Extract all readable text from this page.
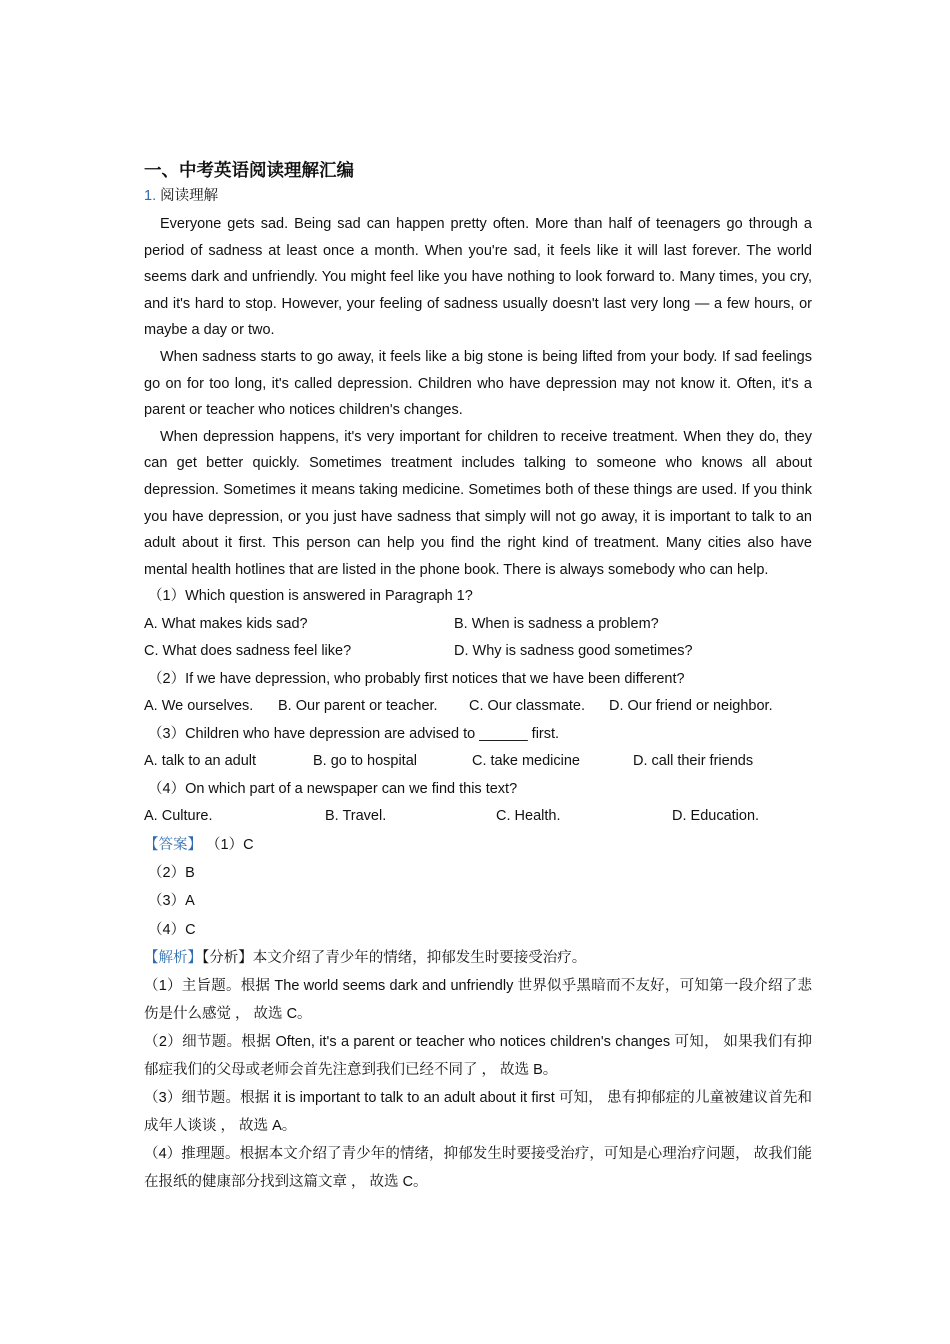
一、中考英语阅读理解汇编

1. 阅读理解

Everyone gets sad. Being sad can happen pretty often. More than half of teenagers go through a period of sadness at least once a month. When you're sad, it feels like it will last forever. The world seems dark and unfriendly. You might feel like you have nothing to look forward to. Many times, you cry, and it's hard to stop. However, your feeling of sadness usually doesn't last very long — a few hours, or maybe a day or two.

When sadness starts to go away, it feels like a big stone is being lifted from your body. If sad feelings go on for too long, it's called depression. Children who have depression may not know it. Often, it's a parent or teacher who notices children's changes.

When depression happens, it's very important for children to receive treatment. When they do, they can get better quickly. Sometimes treatment includes talking to someone who knows all about depression. Sometimes it means taking medicine. Sometimes both of these things are used. If you think you have depression, or you just have sadness that simply will not go away, it is important to talk to an adult about it first. This person can help you find the right kind of treatment. Many cities also have mental health hotlines that are listed in the phone book. There is always somebody who can help.

（1）Which question is answered in Paragraph 1?

A. What makes kids sad?	B. When is sadness a problem?
C. What does sadness feel like?	D. Why is sadness good sometimes?

（2）If we have depression, who probably first notices that we have been different?

A. We ourselves.	B. Our parent or teacher.	C. Our classmate.	D. Our friend or neighbor.

（3）Children who have depression are advised to ______ first.

A. talk to an adult	B. go to hospital	C. take medicine	D. call their friends

（4）On which part of a newspaper can we find this text?

A. Culture.	B. Travel.	C. Health.	D. Education.

【答案】 （1）C

（2）B

（3）A

（4）C

【解析】【分析】本文介绍了青少年的情绪，抑郁发生时要接受治疗。

（1）主旨题。根据 The world seems dark and unfriendly 世界似乎黑暗而不友好，可知第一段介绍了悲伤是什么感觉 ， 故选 C。

（2）细节题。根据 Often, it's a parent or teacher who notices children's changes 可知， 如果我们有抑郁症我们的父母或老师会首先注意到我们已经不同了 ， 故选 B。

（3）细节题。根据 it is important to talk to an adult about it first 可知， 患有抑郁症的儿童被建议首先和成年人谈谈 ， 故选 A。

（4）推理题。根据本文介绍了青少年的情绪，抑郁发生时要接受治疗，可知是心理治疗问题， 故我们能在报纸的健康部分找到这篇文章 ， 故选 C。
